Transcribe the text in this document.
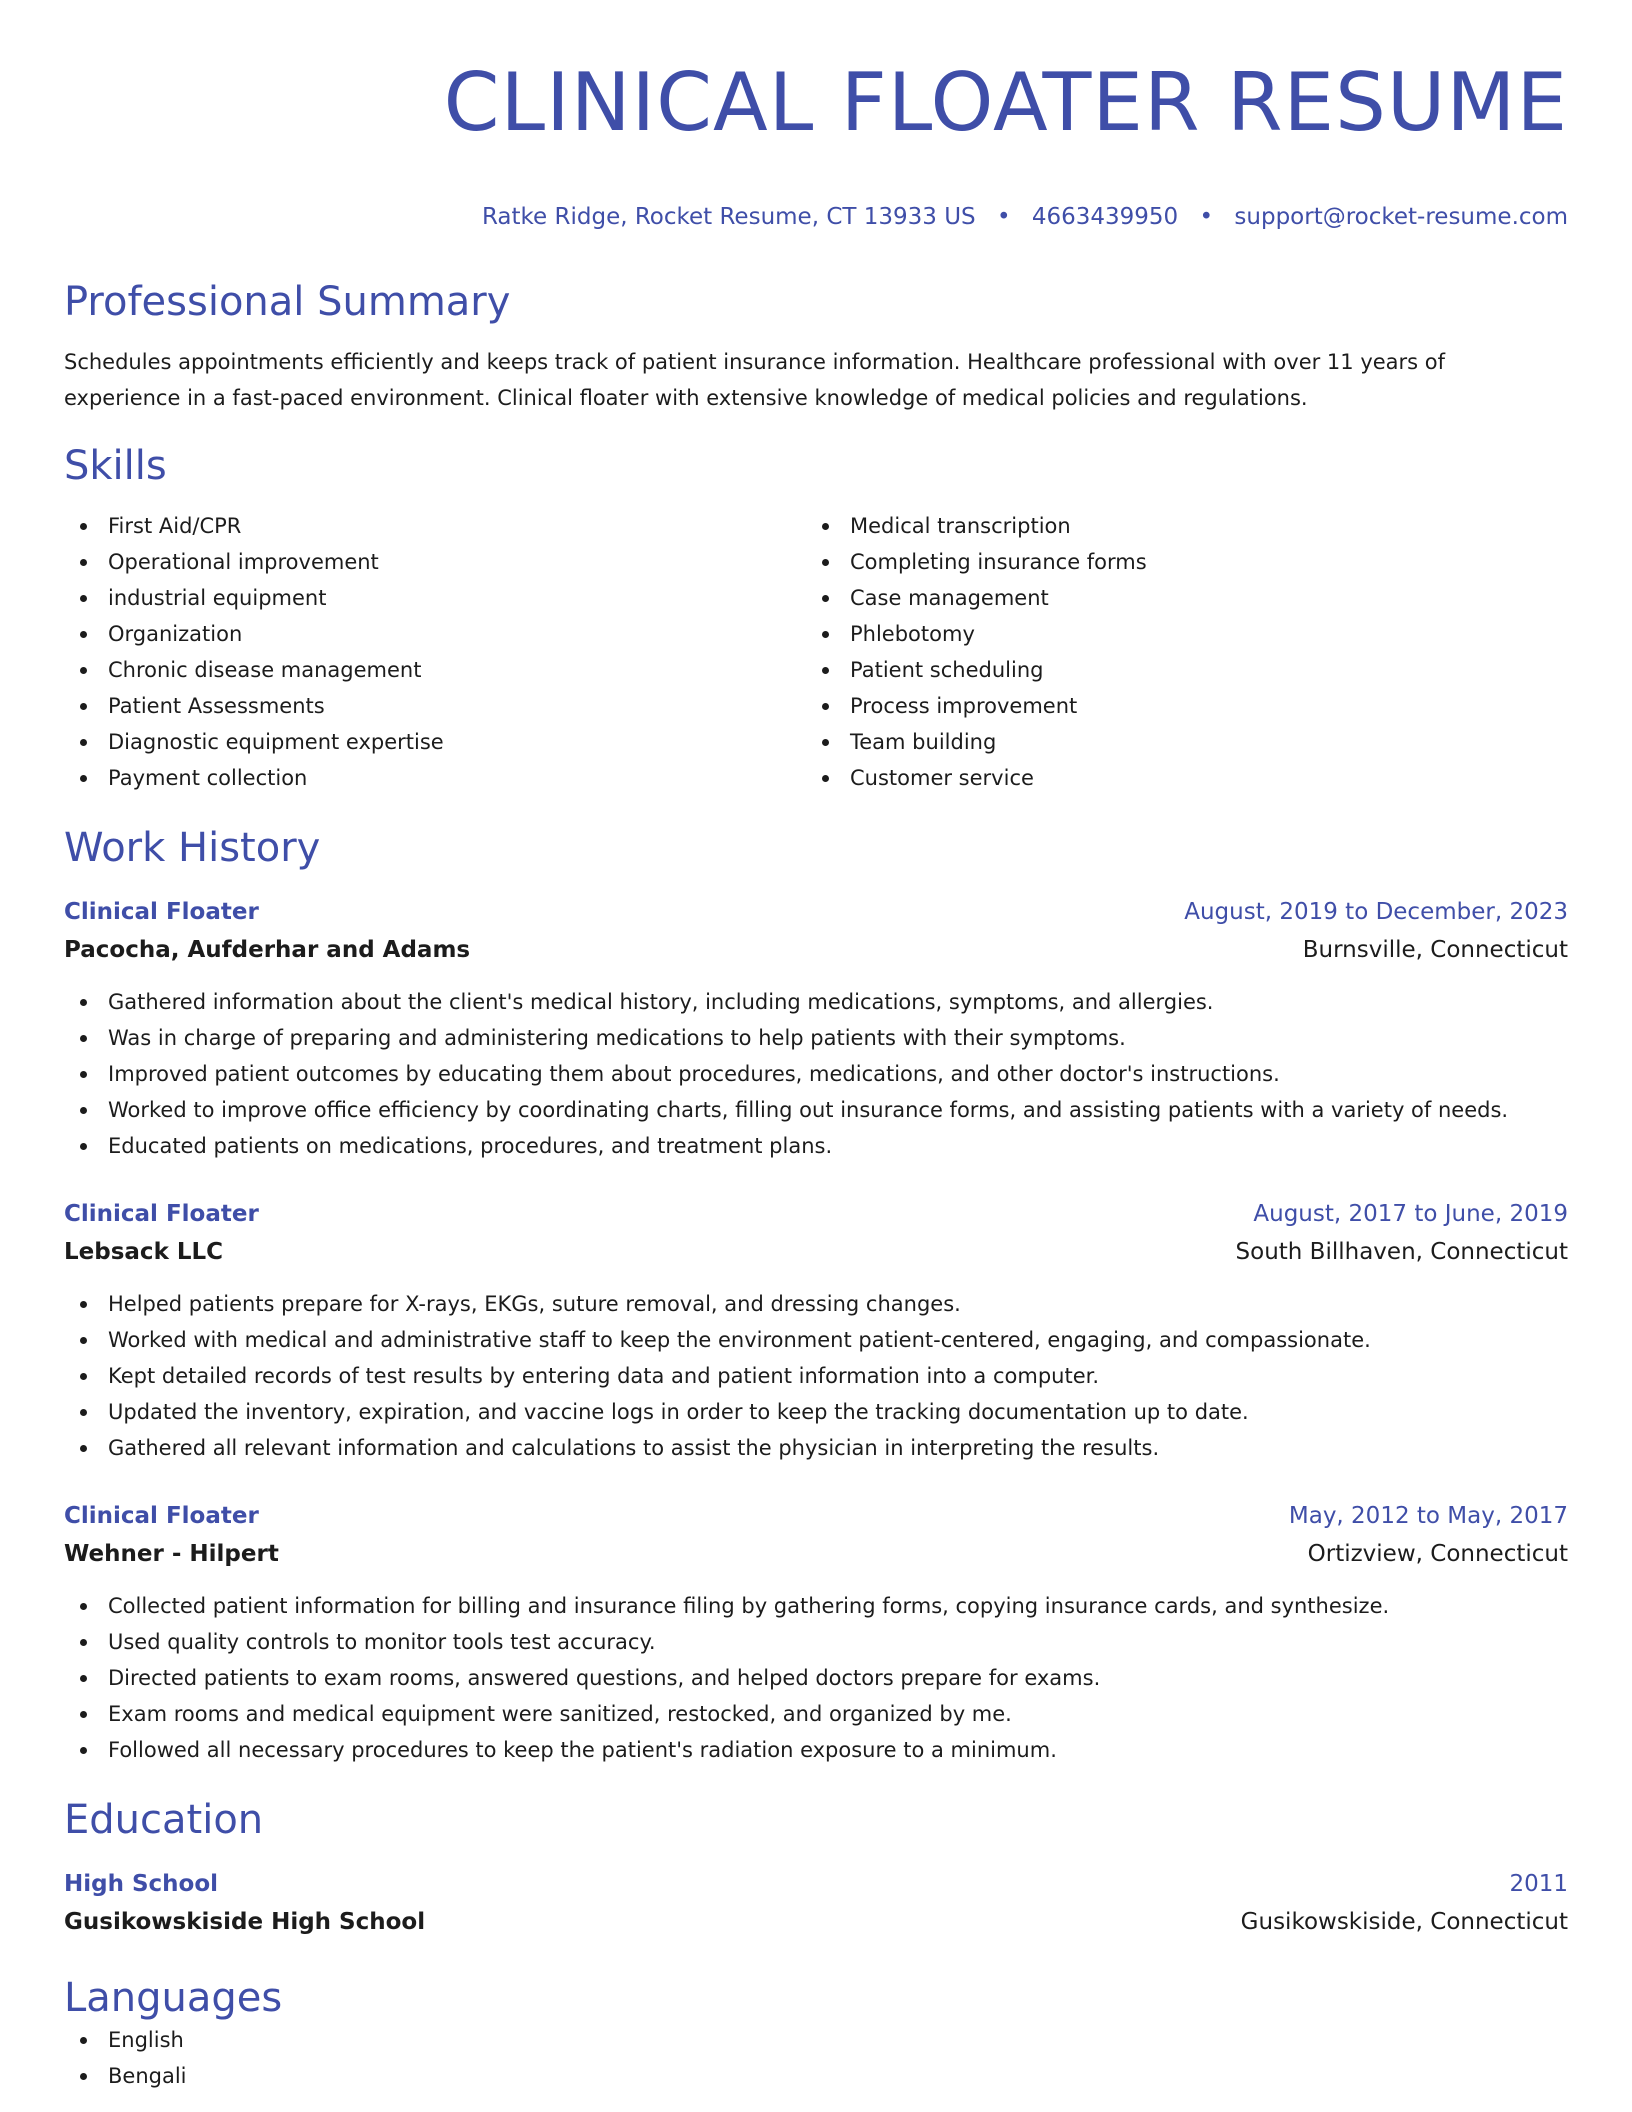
CLINICAL FLOATER RESUME
Ratke Ridge, Rocket Resume, CT 13933 US • 4663439950 • support@rocket-resume.com
Professional Summary
Schedules appointments efficiently and keeps track of patient insurance information. Healthcare professional with over 11 years of experience in a fast-paced environment. Clinical floater with extensive knowledge of medical policies and regulations.
Skills
First Aid/CPR
Operational improvement
industrial equipment
Organization
Chronic disease management
Patient Assessments
Diagnostic equipment expertise
Payment collection
Medical transcription
Completing insurance forms
Case management
Phlebotomy
Patient scheduling
Process improvement
Team building
Customer service
Work History
Clinical Floater	August, 2019 to December, 2023
Pacocha, Aufderhar and Adams	Burnsville, Connecticut
Gathered information about the client's medical history, including medications, symptoms, and allergies.
Was in charge of preparing and administering medications to help patients with their symptoms.
Improved patient outcomes by educating them about procedures, medications, and other doctor's instructions.
Worked to improve office efficiency by coordinating charts, filling out insurance forms, and assisting patients with a variety of needs.
Educated patients on medications, procedures, and treatment plans.
Clinical Floater	August, 2017 to June, 2019
Lebsack LLC	South Billhaven, Connecticut
Helped patients prepare for X-rays, EKGs, suture removal, and dressing changes.
Worked with medical and administrative staff to keep the environment patient-centered, engaging, and compassionate.
Kept detailed records of test results by entering data and patient information into a computer.
Updated the inventory, expiration, and vaccine logs in order to keep the tracking documentation up to date.
Gathered all relevant information and calculations to assist the physician in interpreting the results.
Clinical Floater	May, 2012 to May, 2017
Wehner - Hilpert	Ortizview, Connecticut
Collected patient information for billing and insurance filing by gathering forms, copying insurance cards, and synthesize.
Used quality controls to monitor tools test accuracy.
Directed patients to exam rooms, answered questions, and helped doctors prepare for exams.
Exam rooms and medical equipment were sanitized, restocked, and organized by me.
Followed all necessary procedures to keep the patient's radiation exposure to a minimum.
Education
High School	2011
Gusikowskiside High School	Gusikowskiside, Connecticut
Languages
English
Bengali
